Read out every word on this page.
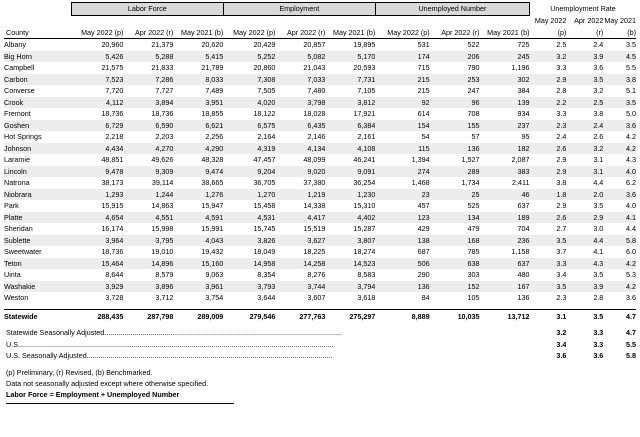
	Labor Force			Employment			Unemployed Number			Unemployment Rate		
										May 2022	Apr 2022	May 2021
County	May 2022 (p)	Apr 2022 (r)	May 2021 (b)	May 2022 (p)	Apr 2022 (r)	May 2021 (b)	May 2022 (p)	Apr 2022 (r)	May 2021 (b)	(p)	(r)	(b)
Albany	20,960	21,379	20,620	20,429	20,857	19,895	531	522	725	2.5	2.4	3.5
Big Horn	5,426	5,288	5,415	5,252	5,082	5,170	174	206	245	3.2	3.9	4.5
Campbell	21,575	21,833	21,789	20,860	21,043	20,593	715	790	1,196	3.3	3.6	5.5
Carbon	7,523	7,286	8,033	7,308	7,033	7,731	215	253	302	2.9	3.5	3.8
Converse	7,720	7,727	7,489	7,505	7,480	7,105	215	247	384	2.8	3.2	5.1
Crook	4,112	3,894	3,951	4,020	3,798	3,812	92	96	139	2.2	2.5	3.5
Fremont	18,736	18,736	18,855	18,122	18,028	17,921	614	708	934	3.3	3.8	5.0
Goshen	6,729	6,590	6,621	6,575	6,435	6,384	154	155	237	2.3	2.4	3.6
Hot Springs	2,218	2,203	2,256	2,164	2,146	2,161	54	57	95	2.4	2.6	4.2
Johnson	4,434	4,270	4,290	4,319	4,134	4,108	115	136	182	2.6	3.2	4.2
Laramie	48,851	49,626	48,328	47,457	48,099	46,241	1,394	1,527	2,087	2.9	3.1	4.3
Lincoln	9,478	9,309	9,474	9,204	9,020	9,091	274	289	383	2.9	3.1	4.0
Natrona	38,173	39,114	38,665	36,705	37,380	36,254	1,468	1,734	2,411	3.8	4.4	6.2
Niobrara	1,293	1,244	1,276	1,270	1,219	1,230	23	25	46	1.8	2.0	3.6
Park	15,915	14,863	15,947	15,458	14,338	15,310	457	525	637	2.9	3.5	4.0
Platte	4,654	4,551	4,591	4,531	4,417	4,402	123	134	189	2.6	2.9	4.1
Sheridan	16,174	15,998	15,991	15,745	15,519	15,287	429	479	704	2.7	3.0	4.4
Sublette	3,964	3,795	4,043	3,826	3,627	3,807	138	168	236	3.5	4.4	5.8
Sweetwater	18,736	19,010	19,432	18,049	18,225	18,274	687	785	1,158	3.7	4.1	6.0
Teton	15,464	14,896	15,160	14,958	14,258	14,523	506	638	637	3.3	4.3	4.2
Uinta	8,644	8,579	9,063	8,354	8,276	8,583	290	303	480	3.4	3.5	5.3
Washakie	3,929	3,896	3,961	3,793	3,744	3,794	136	152	167	3.5	3.9	4.2
Weston	3,728	3,712	3,754	3,644	3,607	3,618	84	105	136	2.3	2.8	3.6

Statewide	288,435	287,798	289,009	279,546	277,763	275,297	8,889	10,035	13,712	3.1	3.5	4.7

Statewide Seasonally Adjusted.......................................................................................................................										3.2	3.3	4.7
U.S..............................................................................................................................................................										3.4	3.3	5.5
U.S. Seasonally Adjusted...........................................................................................................................										3.6	3.6	5.8
(p) Preliminary, (r) Revised, (b) Benchmarked.
Data not seasonally adjusted except where otherwise specified.
Labor Force = Employment + Unemployed Number
